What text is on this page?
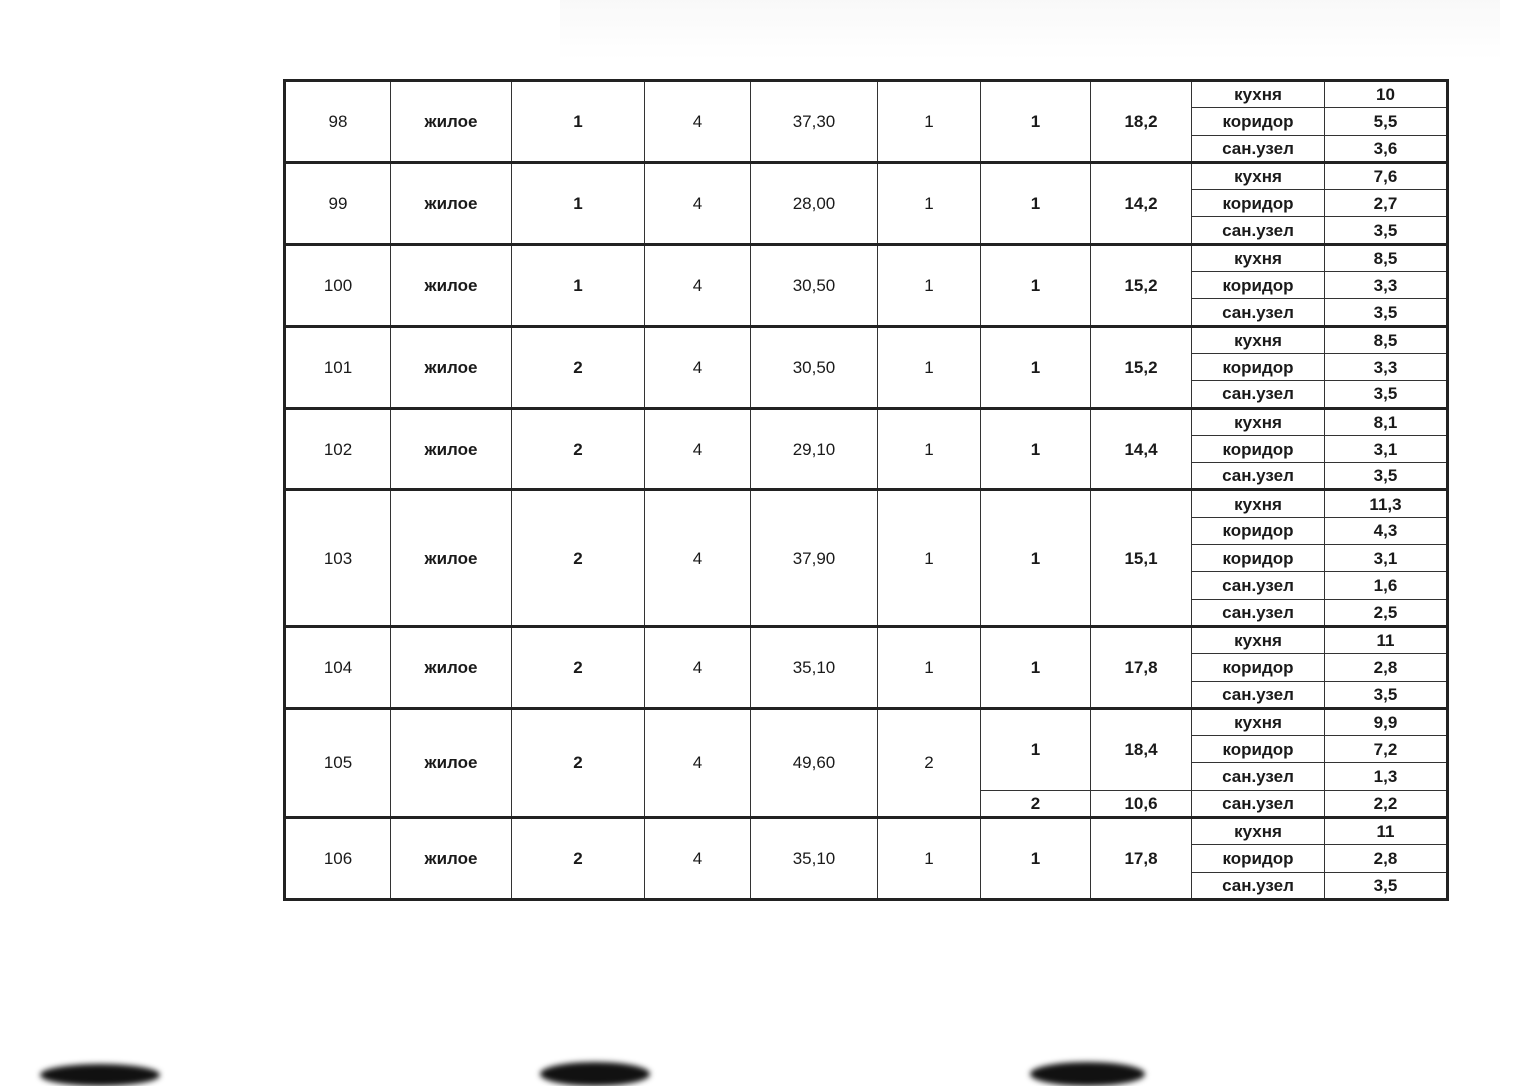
98	жилое	1	4	37,30	1	1	18,2	кухня	10
								коридор	5,5
								сан.узел	3,6
99	жилое	1	4	28,00	1	1	14,2	кухня	7,6
								коридор	2,7
								сан.узел	3,5
100	жилое	1	4	30,50	1	1	15,2	кухня	8,5
								коридор	3,3
								сан.узел	3,5
101	жилое	2	4	30,50	1	1	15,2	кухня	8,5
								коридор	3,3
								сан.узел	3,5
102	жилое	2	4	29,10	1	1	14,4	кухня	8,1
								коридор	3,1
								сан.узел	3,5
103	жилое	2	4	37,90	1	1	15,1	кухня	11,3
								коридор	4,3
								коридор	3,1
								сан.узел	1,6
								сан.узел	2,5
104	жилое	2	4	35,10	1	1	17,8	кухня	11
								коридор	2,8
								сан.узел	3,5
105	жилое	2	4	49,60	2	1	18,4	кухня	9,9
								коридор	7,2
								сан.узел	1,3
						2	10,6	сан.узел	2,2
106	жилое	2	4	35,10	1	1	17,8	кухня	11
								коридор	2,8
								сан.узел	3,5
